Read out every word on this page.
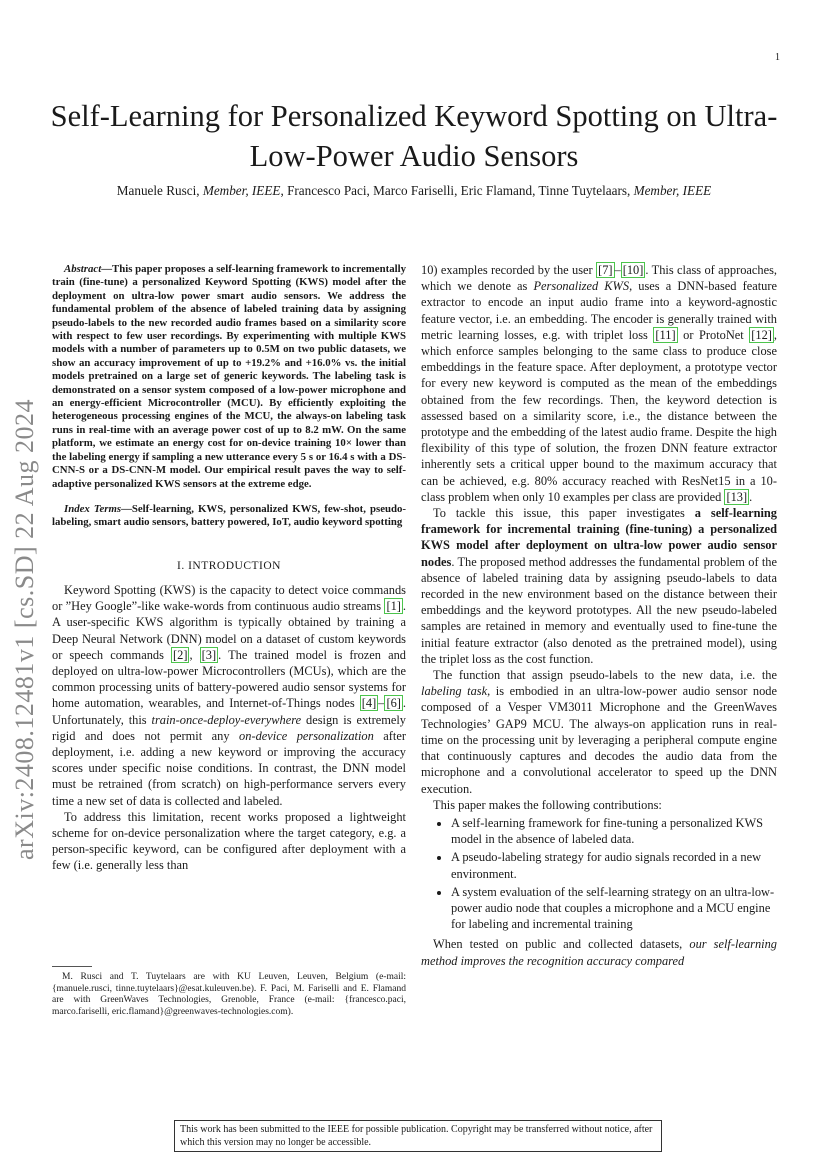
1
arXiv:2408.12481v1 [cs.SD] 22 Aug 2024
Self-Learning for Personalized Keyword Spotting on Ultra-Low-Power Audio Sensors
Manuele Rusci, Member, IEEE, Francesco Paci, Marco Fariselli, Eric Flamand, Tinne Tuytelaars, Member, IEEE

Abstract—This paper proposes a self-learning framework to incrementally train (fine-tune) a personalized Keyword Spotting (KWS) model after the deployment on ultra-low power smart audio sensors. We address the fundamental problem of the absence of labeled training data by assigning pseudo-labels to the new recorded audio frames based on a similarity score with respect to few user recordings. By experimenting with multiple KWS models with a number of parameters up to 0.5M on two public datasets, we show an accuracy improvement of up to +19.2% and +16.0% vs. the initial models pretrained on a large set of generic keywords. The labeling task is demonstrated on a sensor system composed of a low-power microphone and an energy-efficient Microcontroller (MCU). By efficiently exploiting the heterogeneous processing engines of the MCU, the always-on labeling task runs in real-time with an average power cost of up to 8.2 mW. On the same platform, we estimate an energy cost for on-device training 10× lower than the labeling energy if sampling a new utterance every 5 s or 16.4 s with a DS-CNN-S or a DS-CNN-M model. Our empirical result paves the way to self-adaptive personalized KWS sensors at the extreme edge.

Index Terms—Self-learning, KWS, personalized KWS, few-shot, pseudo-labeling, smart audio sensors, battery powered, IoT, audio keyword spotting

I. INTRODUCTION

Keyword Spotting (KWS) is the capacity to detect voice commands or ”Hey Google”-like wake-words from continuous audio streams [1] . A user-specific KWS algorithm is typically obtained by training a Deep Neural Network (DNN) model on a dataset of custom keywords or speech commands [2] , [3] . The trained model is frozen and deployed on ultra-low-power Microcontrollers (MCUs), which are the common processing units of battery-powered audio sensor systems for home automation, wearables, and Internet-of-Things nodes [4] – [6] . Unfortunately, this train-once-deploy-everywhere design is extremely rigid and does not permit any on-device personalization after deployment, i.e. adding a new keyword or improving the accuracy scores under specific noise conditions. In contrast, the DNN model must be retrained (from scratch) on high-performance servers every time a new set of data is collected and labeled.

To address this limitation, recent works proposed a lightweight scheme for on-device personalization where the target category, e.g. a person-specific keyword, can be configured after deployment with a few (i.e. generally less than

M. Rusci and T. Tuytelaars are with KU Leuven, Leuven, Belgium (e-mail: {manuele.rusci, tinne.tuytelaars}@esat.kuleuven.be). F. Paci, M. Fariselli and E. Flamand are with GreenWaves Technologies, Grenoble, France (e-mail: {francesco.paci, marco.fariselli, eric.flamand}@greenwaves-technologies.com).

10) examples recorded by the user [7] – [10] . This class of approaches, which we denote as Personalized KWS, uses a DNN-based feature extractor to encode an input audio frame into a keyword-agnostic feature vector, i.e. an embedding. The encoder is generally trained with metric learning losses, e.g. with triplet loss [11] or ProtoNet [12] , which enforce samples belonging to the same class to produce close embeddings in the feature space. After deployment, a prototype vector for every new keyword is computed as the mean of the embeddings obtained from the few recordings. Then, the keyword detection is assessed based on a similarity score, i.e., the distance between the prototype and the embedding of the latest audio frame. Despite the high flexibility of this type of solution, the frozen DNN feature extractor inherently sets a critical upper bound to the maximum accuracy that can be achieved, e.g. 80% accuracy reached with ResNet15 in a 10-class problem when only 10 examples per class are provided [13] .

To tackle this issue, this paper investigates a self-learning framework for incremental training (fine-tuning) a personalized KWS model after deployment on ultra-low power audio sensor nodes. The proposed method addresses the fundamental problem of the absence of labeled training data by assigning pseudo-labels to data recorded in the new environment based on the distance between their embeddings and the keyword prototypes. All the new pseudo-labeled samples are retained in memory and eventually used to fine-tune the initial feature extractor (also denoted as the pretrained model), using the triplet loss as the cost function.

The function that assign pseudo-labels to the new data, i.e. the labeling task, is embodied in an ultra-low-power audio sensor node composed of a Vesper VM3011 Microphone and the GreenWaves Technologies’ GAP9 MCU. The always-on application runs in real-time on the processing unit by leveraging a peripheral compute engine that continuously captures and decodes the audio data from the microphone and a convolutional accelerator to speed up the DNN execution.

This paper makes the following contributions:

• A self-learning framework for fine-tuning a personalized KWS model in the absence of labeled data.
• A pseudo-labeling strategy for audio signals recorded in a new environment.
• A system evaluation of the self-learning strategy on an ultra-low-power audio node that couples a microphone and a MCU engine for labeling and incremental training

When tested on public and collected datasets, our self-learning method improves the recognition accuracy compared

This work has been submitted to the IEEE for possible publication. Copyright may be transferred without notice, after which this version may no longer be accessible.
